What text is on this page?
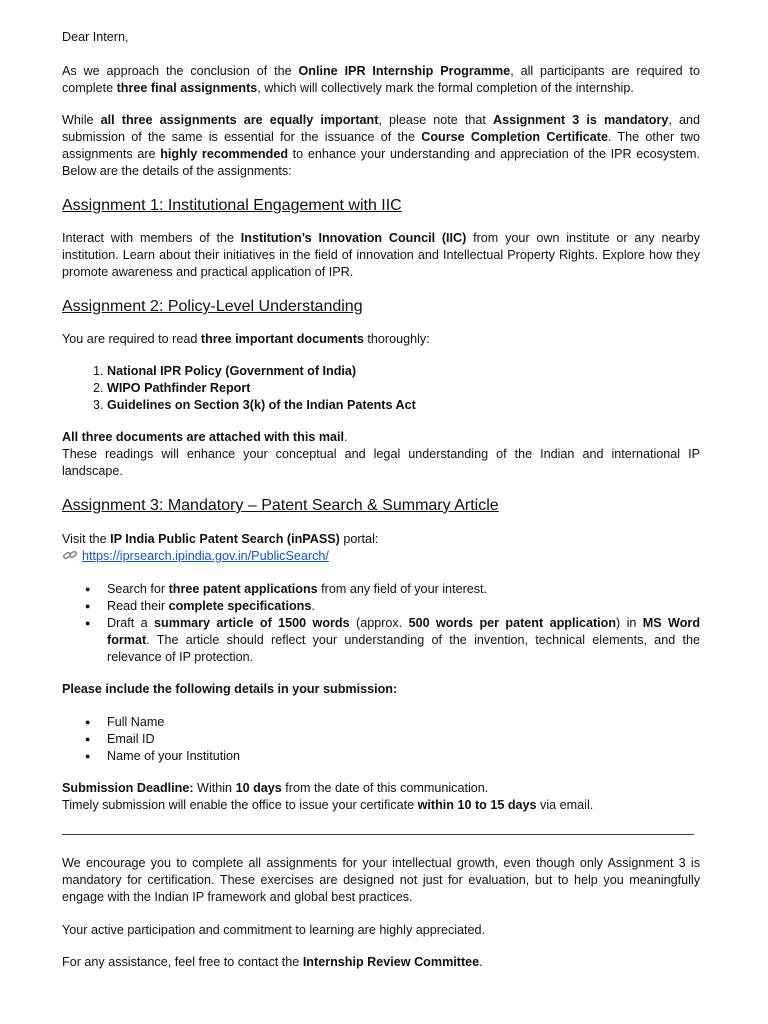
Dear Intern,

As we approach the conclusion of the Online IPR Internship Programme, all participants are required to complete three final assignments, which will collectively mark the formal completion of the internship.

While all three assignments are equally important, please note that Assignment 3 is mandatory, and submission of the same is essential for the issuance of the Course Completion Certificate. The other two assignments are highly recommended to enhance your understanding and appreciation of the IPR ecosystem. Below are the details of the assignments:

Assignment 1: Institutional Engagement with IIC

Interact with members of the Institution’s Innovation Council (IIC) from your own institute or any nearby institution. Learn about their initiatives in the field of innovation and Intellectual Property Rights. Explore how they promote awareness and practical application of IPR.

Assignment 2: Policy-Level Understanding

You are required to read three important documents thoroughly:

1. National IPR Policy (Government of India)
2. WIPO Pathfinder Report
3. Guidelines on Section 3(k) of the Indian Patents Act

All three documents are attached with this mail.

These readings will enhance your conceptual and legal understanding of the Indian and international IP landscape.

Assignment 3: Mandatory – Patent Search & Summary Article

Visit the IP India Public Patent Search (inPASS) portal:

https://iprsearch.ipindia.gov.in/PublicSearch/
● Search for three patent applications from any field of your interest.
● Read their complete specifications.
● Draft a summary article of 1500 words (approx. 500 words per patent application) in MS Word format. The article should reflect your understanding of the invention, technical elements, and the relevance of IP protection.

Please include the following details in your submission:

● Full Name
● Email ID
● Name of your Institution

Submission Deadline: Within 10 days from the date of this communication.

Timely submission will enable the office to issue your certificate within 10 to 15 days via email.

We encourage you to complete all assignments for your intellectual growth, even though only Assignment 3 is mandatory for certification. These exercises are designed not just for evaluation, but to help you meaningfully engage with the Indian IP framework and global best practices.

Your active participation and commitment to learning are highly appreciated.

For any assistance, feel free to contact the Internship Review Committee.
